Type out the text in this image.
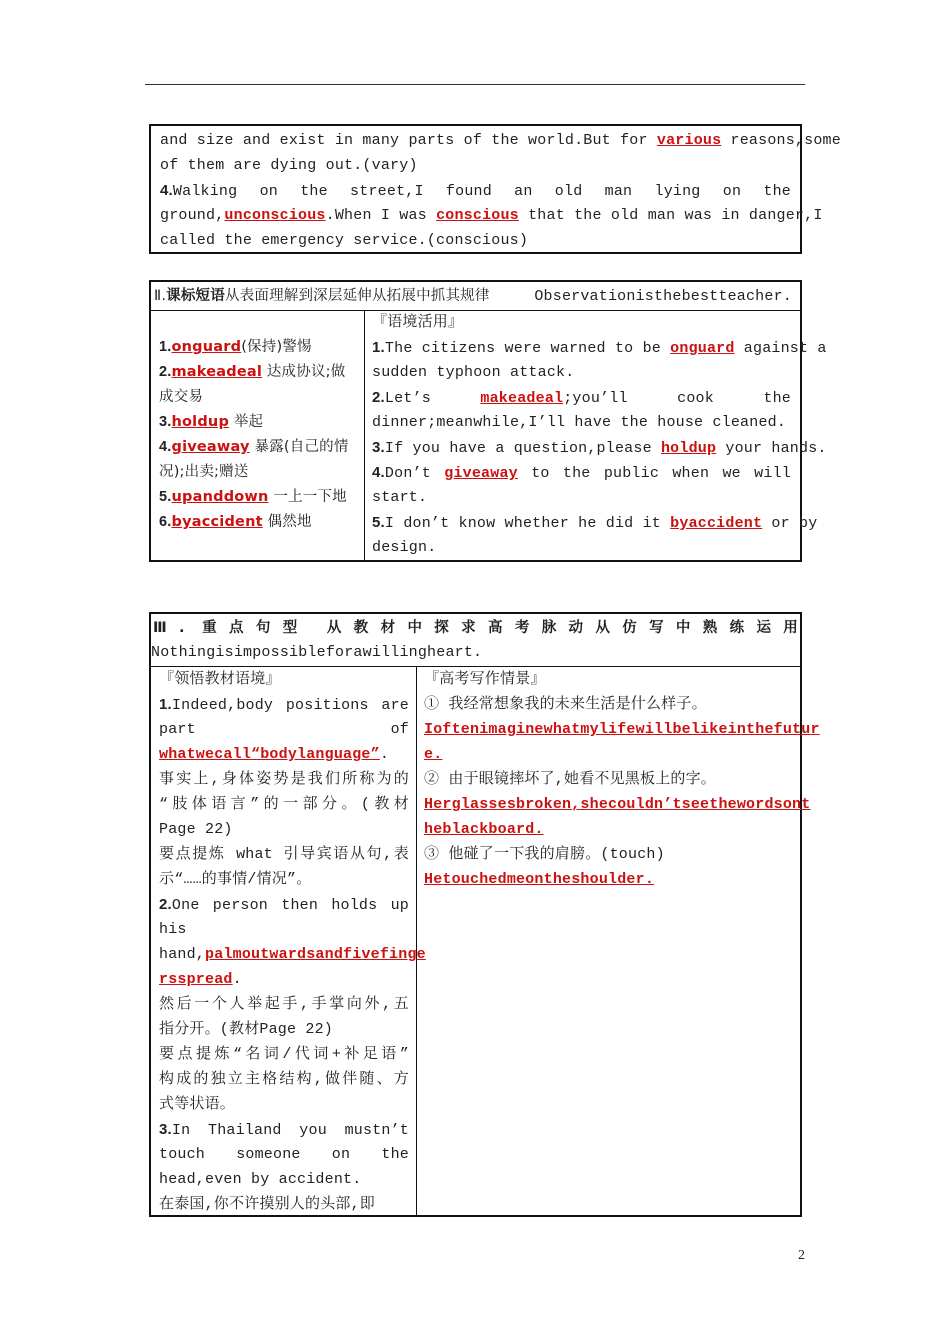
and size and exist in many parts of the world.But for various reasons,some
of them are dying out.(vary)
4.Walking on the street,I found an old man lying on the
ground,unconscious.When I was conscious that the old man was in danger,I
called the emergency service.(conscious)
Ⅱ.课标短语从表面理解到深层延伸从拓展中抓其规律	Observationisthebestteacher.
1.onguard(保持)警惕
2.makeadeal 达成协议;做
成交易
3.holdup 举起
4.giveaway 暴露(自己的情
况);出卖;赠送
5.upanddown 一上一下地
6.byaccident 偶然地
『语境活用』
1.The citizens were warned to be onguard against a
sudden typhoon attack.
2.Let’s makeadeal;you’ll cook the
dinner;meanwhile,I’ll have the house cleaned.
3.If you have a question,please holdup your hands.
4.Don’t giveaway to the public when we will
start.
5.I don’t know whether he did it byaccident or by
design.
Ⅲ. 重点句型 从教材中探求高考脉动从仿写中熟练运用
Nothingisimpossibleforawillingheart.
『领悟教材语境』
1.Indeed,body positions are
part of
whatwecall“bodylanguage”.
事实上,身体姿势是我们所称为的
“肢体语言”的一部分。(教材
Page 22)
要点提炼 what 引导宾语从句,表
示“……的事情/情况”。
2.One person then holds up
his
hand,palmoutwardsandfivefinge
rsspread.
然后一个人举起手,手掌向外,五
指分开。(教材Page 22)
要点提炼“名词/代词+补足语”
构成的独立主格结构,做伴随、方
式等状语。
3.In Thailand you mustn’t
touch someone on the
head,even by accident.
在泰国,你不许摸别人的头部,即
『高考写作情景』
① 我经常想象我的未来生活是什么样子。
Ioftenimaginewhatmylifewillbelikeinthefutur
e.
② 由于眼镜摔坏了,她看不见黑板上的字。
Herglassesbroken,shecouldn’tseethewordsont
heblackboard.
③ 他碰了一下我的肩膀。(touch)
Hetouchedmeontheshoulder.
2
